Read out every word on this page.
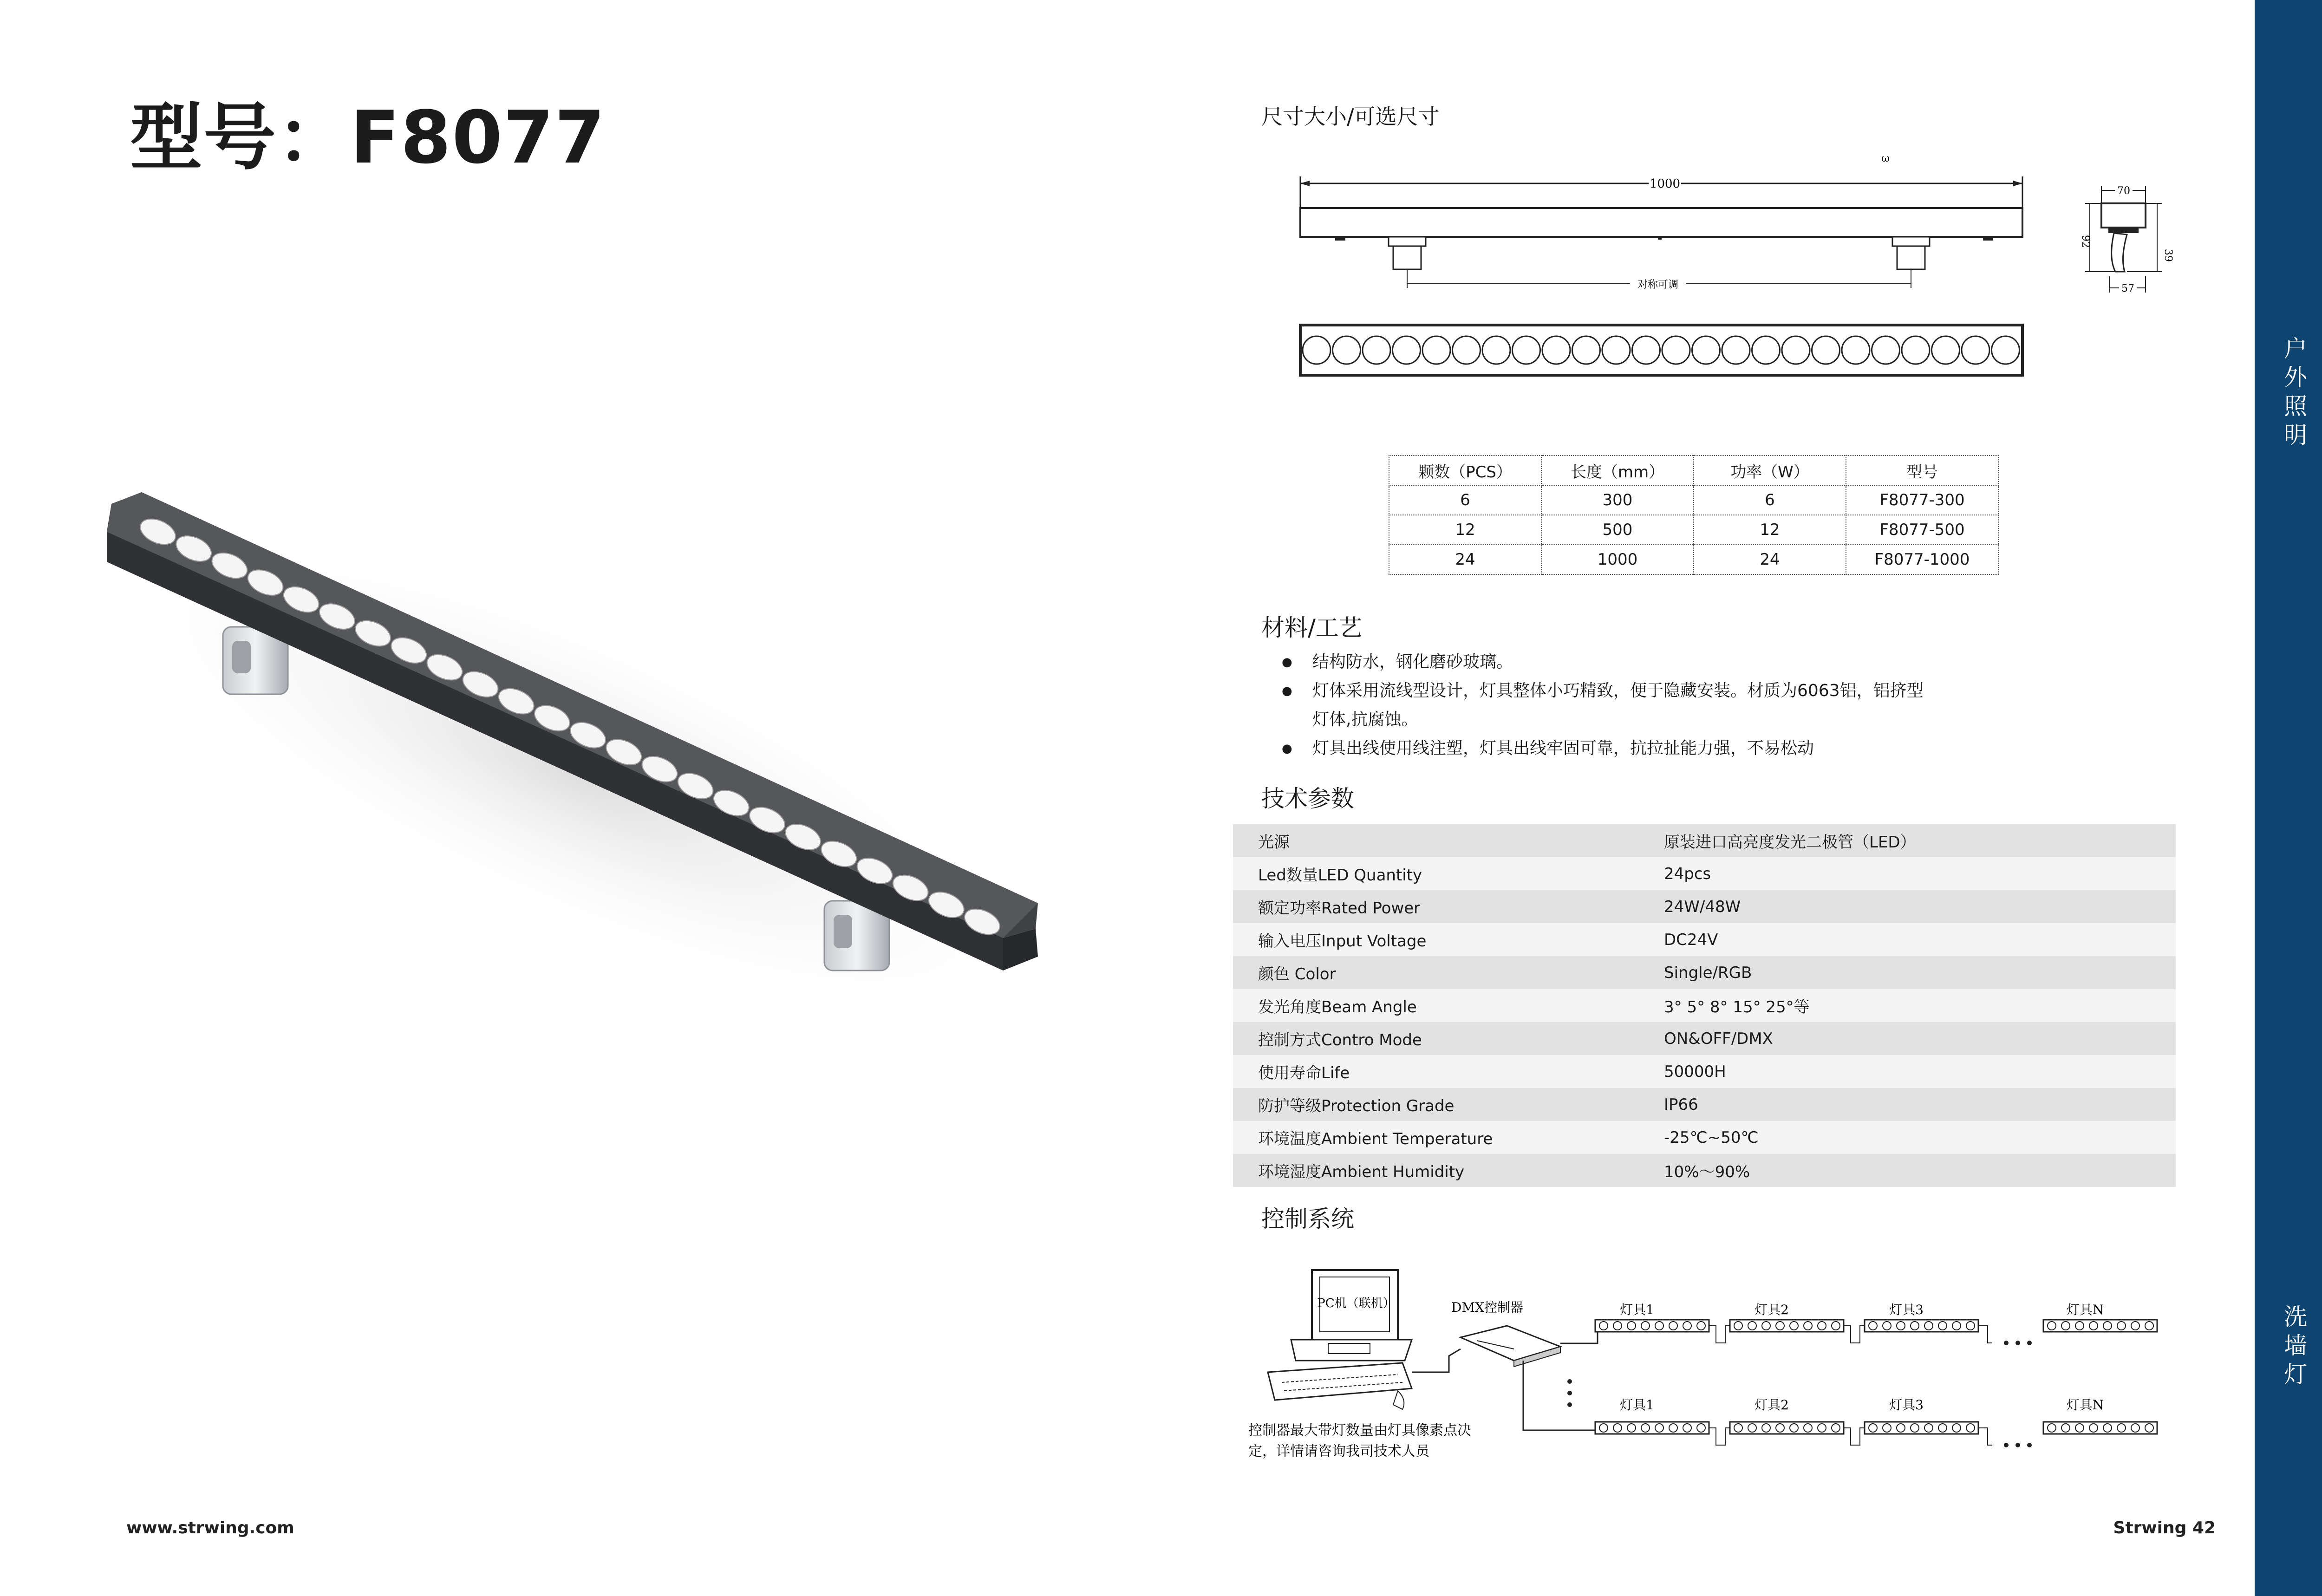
型号：F8077
户
外
照
明
洗
墙
灯
尺寸大小/可选尺寸
ω
1000
对称可调
70
92
39
57
颗数（PCS）	长度（mm）	功率（W）	型号
6	300	6	F8077-300
12	500	12	F8077-500
24	1000	24	F8077-1000
材料/工艺
● 结构防水，钢化磨砂玻璃。
● 灯体采用流线型设计，灯具整体小巧精致，便于隐藏安装。材质为6063铝，铝挤型灯体,抗腐蚀。
● 灯具出线使用线注塑，灯具出线牢固可靠，抗拉扯能力强，不易松动
技术参数
光源	原装进口高亮度发光二极管（LED）
Led数量LED Quantity	24pcs
额定功率Rated Power	24W/48W
输入电压Input Voltage	DC24V
颜色 Color	Single/RGB
发光角度Beam Angle	3° 5° 8° 15° 25°等
控制方式Contro Mode	ON&OFF/DMX
使用寿命Life	50000H
防护等级Protection Grade	IP66
环境温度Ambient Temperature	-25℃~50℃
环境湿度Ambient Humidity	10%～90%
控制系统
PC机（联机）	DMX控制器	灯具1	灯具2	灯具3	灯具N
灯具1	灯具2	灯具3	灯具N
控制器最大带灯数量由灯具像素点决
定，详情请咨询我司技术人员
www.strwing.com	Strwing 42
